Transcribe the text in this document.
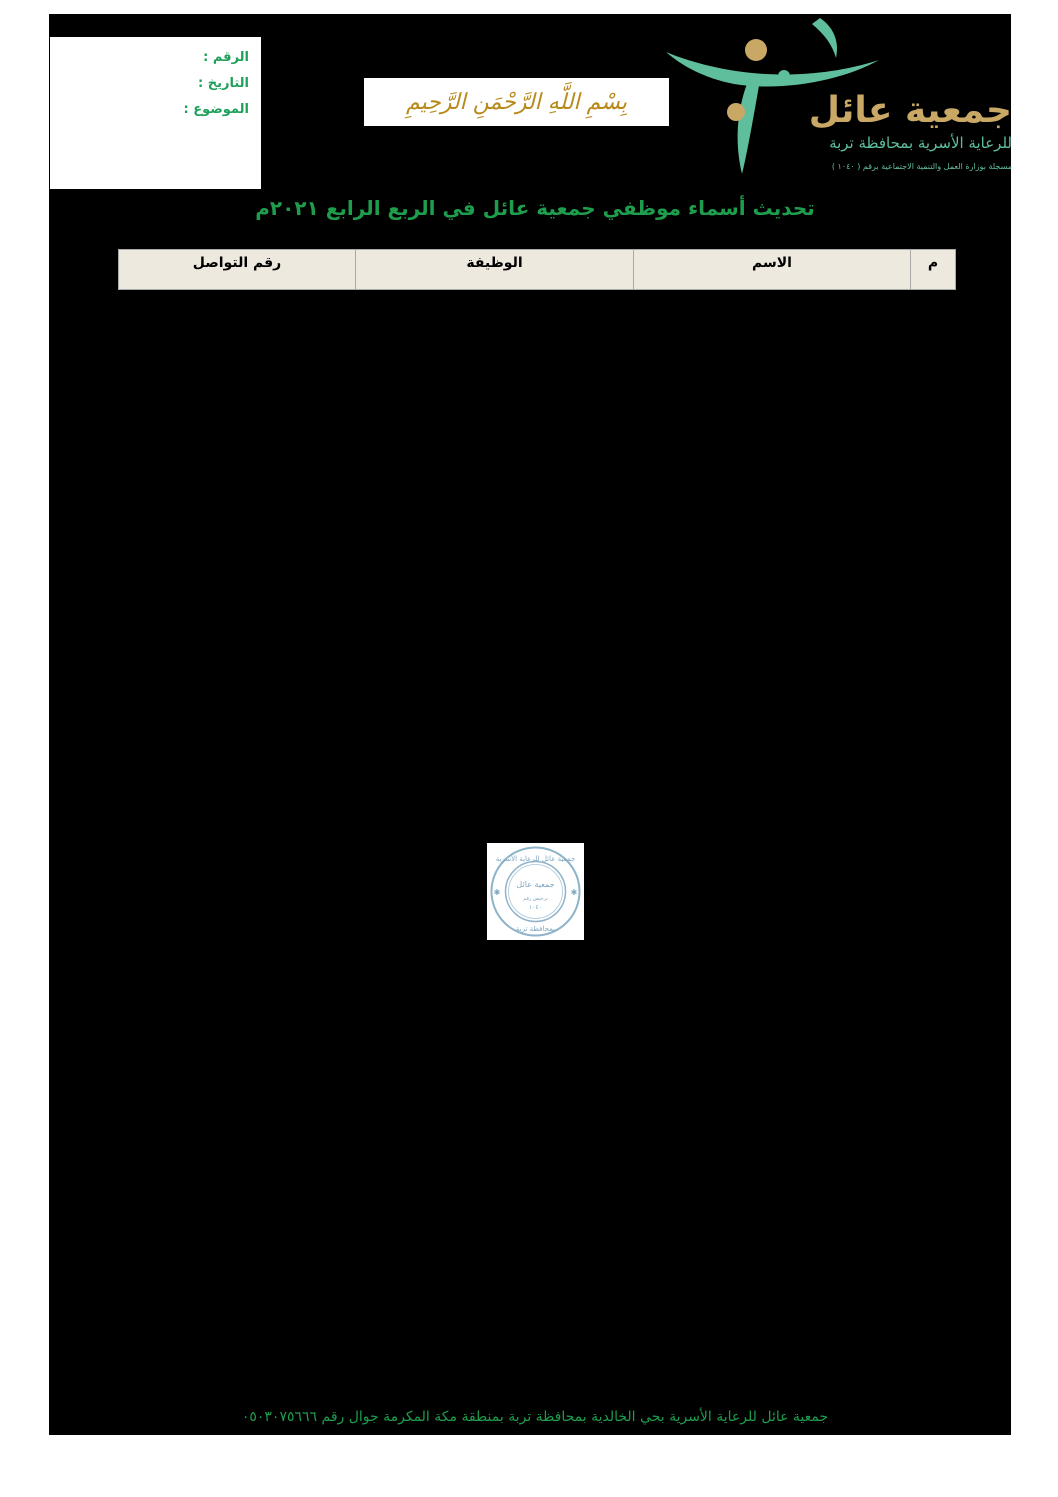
الرقم :

التاريخ :

الموضوع :	بِسْمِ اللَّهِ الرَّحْمَنِ الرَّحِيمِ	جمعية عائل
للرعاية الأسرية بمحافظة تربة
مسجلة بوزارة العمل والتنمية الاجتماعية برقم ( ١٠٤٠ )

تحديث أسماء موظفي جمعية عائل في الربع الرابع ٢٠٢١م

م	الاسم	الوظيفة	رقم التواصل
جمعية عائل للرعاية الأسرية
جمعية عائل
ترخيص رقم
١٠٤٠
بمحافظة تربة
✱	✱

جمعية عائل للرعاية الأسرية بحي الخالدية بمحافظة تربة بمنطقة مكة المكرمة جوال رقم ٠٥٠٣٠٧٥٦٦٦
